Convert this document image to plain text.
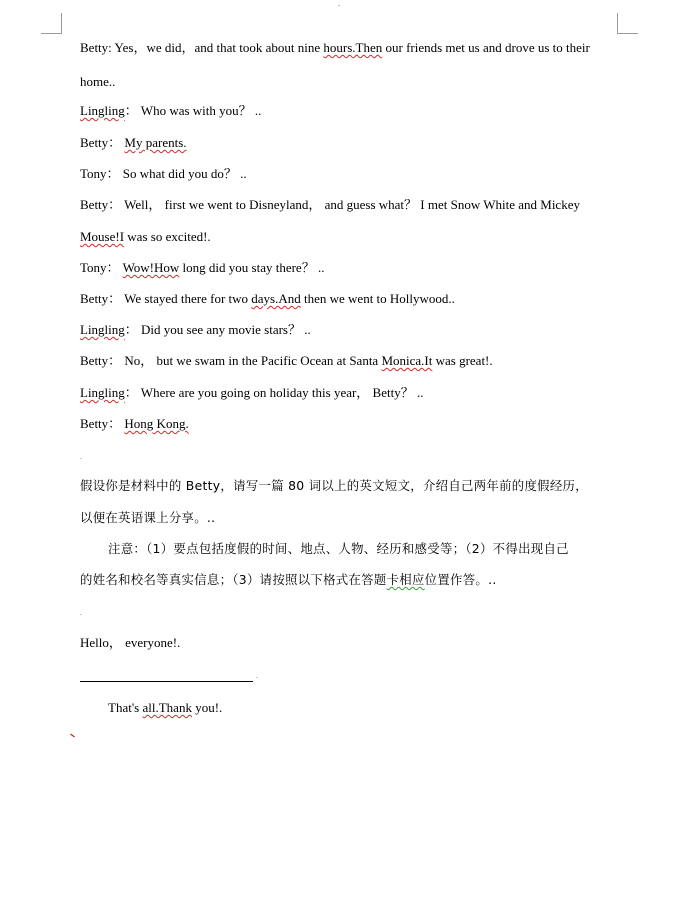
.​
Betty: Yes，we did，and that took about nine hours.Then our friends met us and drove us to their
home..
Lingling： Who was with you？ ..
Betty： My parents.
Tony： So what did you do？ ..
Betty： Well， first we went to Disneyland， and guess what？ I met Snow White and Mickey
Mouse!I was so excited!.
Tony： Wow!How long did you stay there？ ..
Betty： We stayed there for two days.And then we went to Hollywood..
Lingling： Did you see any movie stars？ ..
Betty： No， but we swam in the Pacific Ocean at Santa Monica.It was great!.
Lingling： Where are you going on holiday this year， Betty？ ..
Betty： Hong Kong.
.
假设你是材料中的 Betty，请写一篇 80 词以上的英文短文，介绍自己两年前的度假经历，
以便在英语课上分享。..
注意：（1）要点包括度假的时间、地点、人物、经历和感受等；（2）不得出现自己
的姓名和校名等真实信息；（3）请按照以下格式在答题卡相应位置作答。..
.
Hello， everyone!.
.​
That's all.Thank you!.
